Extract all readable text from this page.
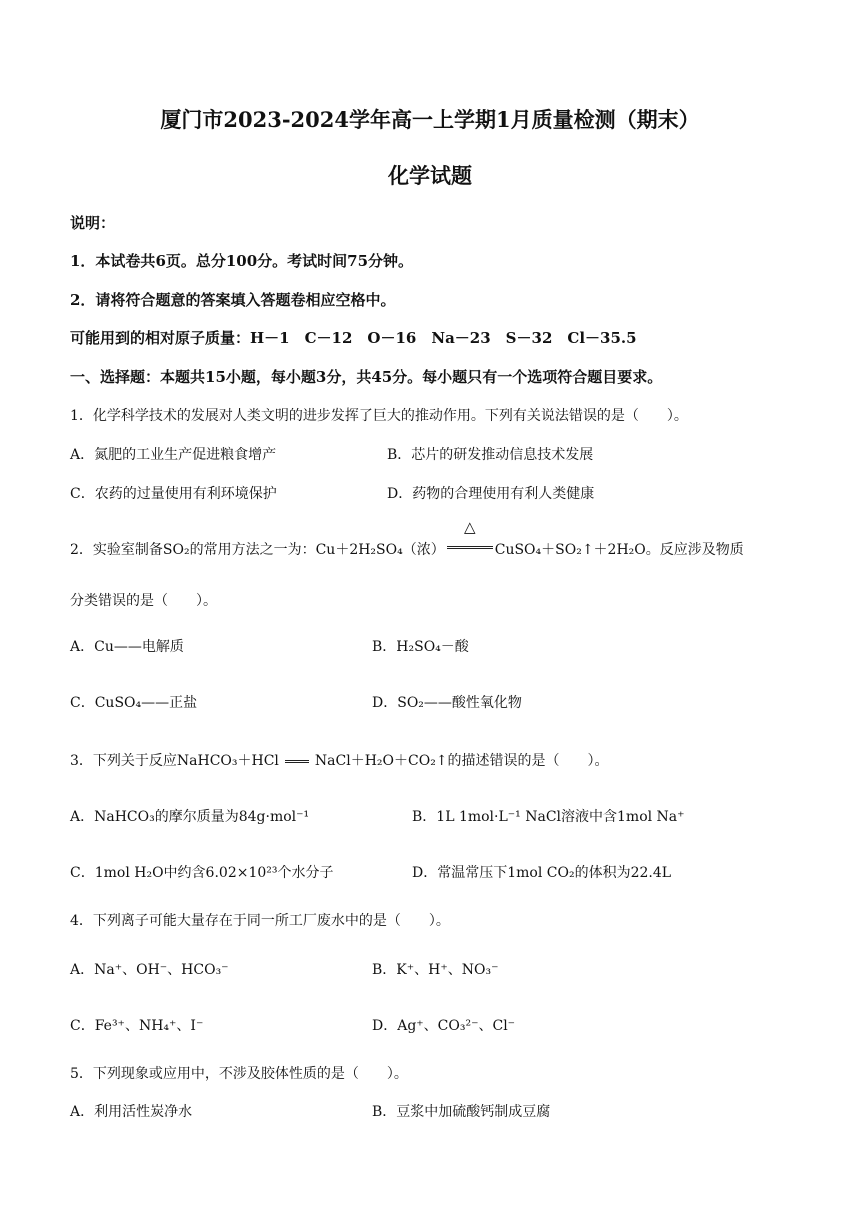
厦门市2023-2024学年高一上学期1月质量检测（期末）
化学试题
说明：
1．本试卷共6页。总分100分。考试时间75分钟。
2．请将符合题意的答案填入答题卷相应空格中。
可能用到的相对原子质量：H－1　C－12　O－16　Na－23　S－32　Cl－35.5
一、选择题：本题共15小题，每小题3分，共45分。每小题只有一个选项符合题目要求。
1．化学科学技术的发展对人类文明的进步发挥了巨大的推动作用。下列有关说法错误的是（　　）。
A．氮肥的工业生产促进粮食增产	B．芯片的研发推动信息技术发展
C．农药的过量使用有利环境保护	D．药物的合理使用有利人类健康
2．实验室制备SO₂的常用方法之一为：Cu＋2H₂SO₄（浓）
△
CuSO₄＋SO₂↑＋2H₂O。反应涉及物质
分类错误的是（　　）。
A．Cu——电解质	B．H₂SO₄－酸
C．CuSO₄——正盐	D．SO₂——酸性氧化物
3．下列关于反应NaHCO₃＋HCl	NaCl＋H₂O＋CO₂↑的描述错误的是（　　）。
A．NaHCO₃的摩尔质量为84g·mol⁻¹	B．1L 1mol·L⁻¹ NaCl溶液中含1mol Na⁺
C．1mol H₂O中约含6.02×10²³个水分子	D．常温常压下1mol CO₂的体积为22.4L
4．下列离子可能大量存在于同一所工厂废水中的是（　　）。
A．Na⁺、OH⁻、HCO₃⁻	B．K⁺、H⁺、NO₃⁻
C．Fe³⁺、NH₄⁺、I⁻	D．Ag⁺、CO₃²⁻、Cl⁻
5．下列现象或应用中，不涉及胶体性质的是（　　）。
A．利用活性炭净水	B．豆浆中加硫酸钙制成豆腐
